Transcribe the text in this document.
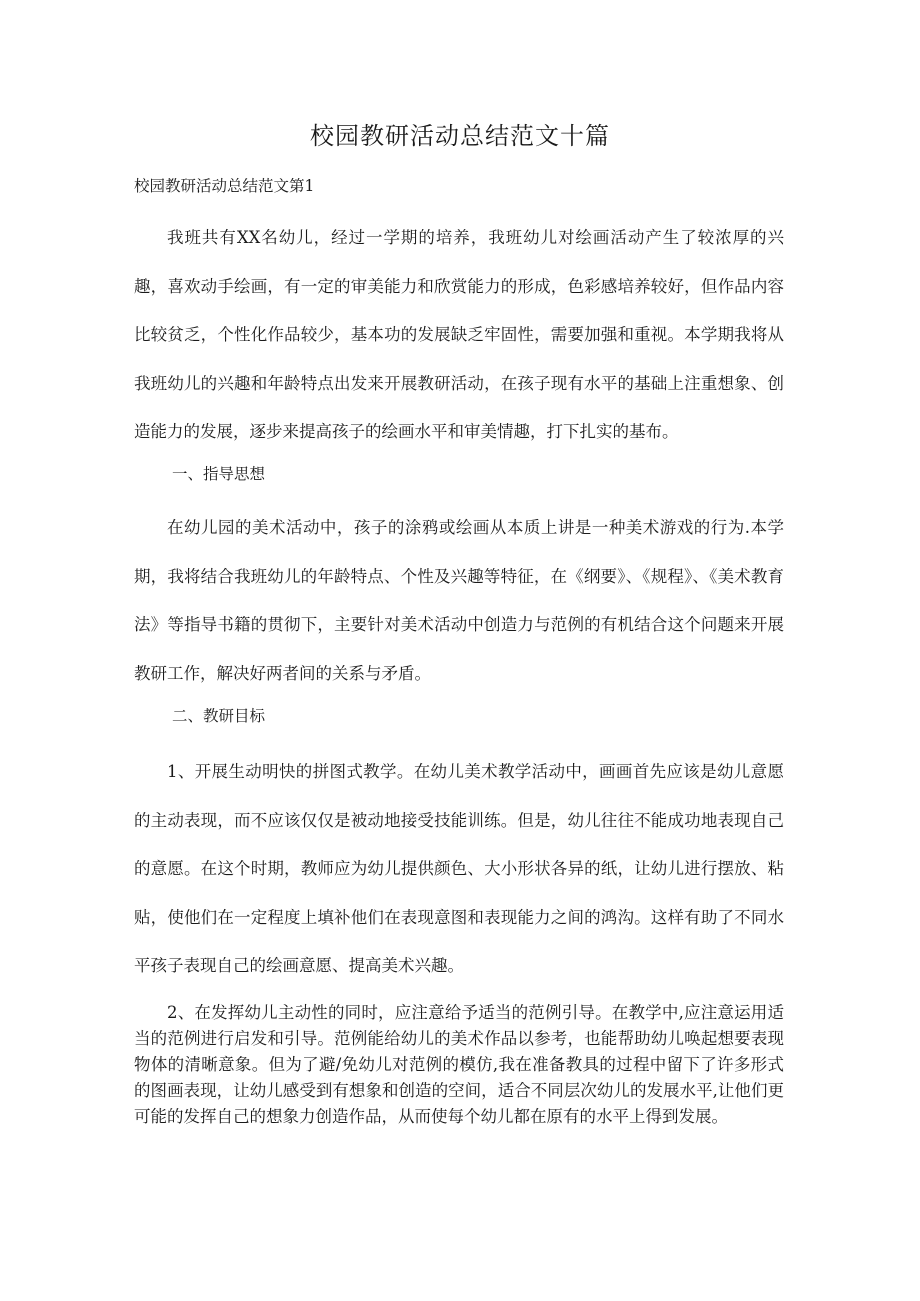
校园教研活动总结范文十篇
校园教研活动总结范文第1

我班共有XX名幼儿，经过一学期的培养，我班幼儿对绘画活动产生了较浓厚的兴趣，喜欢动手绘画，有一定的审美能力和欣赏能力的形成，色彩感培养较好，但作品内容比较贫乏，个性化作品较少，基本功的发展缺乏牢固性，需要加强和重视。本学期我将从我班幼儿的兴趣和年龄特点出发来开展教研活动，在孩子现有水平的基础上注重想象、创造能力的发展，逐步来提高孩子的绘画水平和审美情趣，打下扎实的基布。

一、指导思想

在幼儿园的美术活动中，孩子的涂鸦或绘画从本质上讲是一种美术游戏的行为.本学期，我将结合我班幼儿的年龄特点、个性及兴趣等特征，在《纲要》、《规程》、《美术教育法》等指导书籍的贯彻下，主要针对美术活动中创造力与范例的有机结合这个问题来开展教研工作，解决好两者间的关系与矛盾。

二、教研目标

1、开展生动明快的拼图式教学。在幼儿美术教学活动中，画画首先应该是幼儿意愿的主动表现，而不应该仅仅是被动地接受技能训练。但是，幼儿往往不能成功地表现自己的意愿。在这个时期，教师应为幼儿提供颜色、大小形状各异的纸，让幼儿进行摆放、粘贴，使他们在一定程度上填补他们在表现意图和表现能力之间的鸿沟。这样有助了不同水平孩子表现自己的绘画意愿、提高美术兴趣。

2、在发挥幼儿主动性的同时，应注意给予适当的范例引导。在教学中,应注意运用适当的范例进行启发和引导。范例能给幼儿的美术作品以参考，也能帮助幼儿唤起想要表现物体的清晰意象。但为了避/免幼儿对范例的模仿,我在准备教具的过程中留下了许多形式的图画表现，让幼儿感受到有想象和创造的空间，适合不同层次幼儿的发展水平,让他们更可能的发挥自己的想象力创造作品，从而使每个幼儿都在原有的水平上得到发展。
